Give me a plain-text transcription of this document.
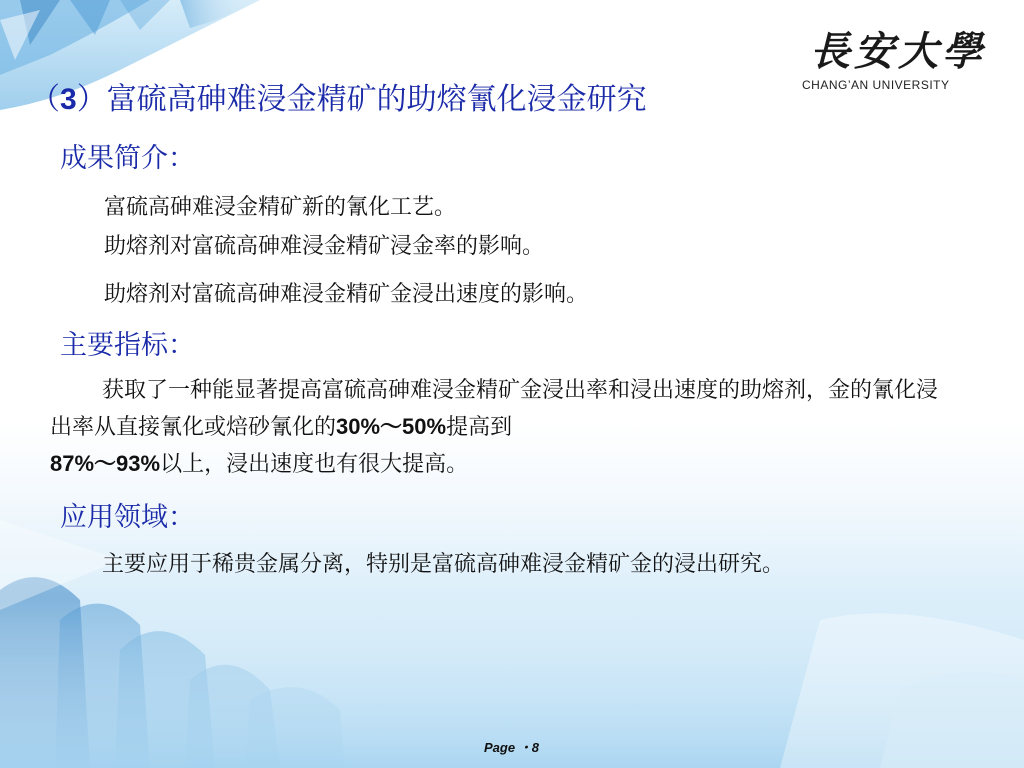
長安大學
CHANG’AN UNIVERSITY
（3）富硫高砷难浸金精矿的助熔氰化浸金研究
成果简介：
富硫高砷难浸金精矿新的氰化工艺。
助熔剂对富硫高砷难浸金精矿浸金率的影响。
助熔剂对富硫高砷难浸金精矿金浸出速度的影响。
主要指标：
获取了一种能显著提高富硫高砷难浸金精矿金浸出率和浸出速度的助熔剂，金的氰化浸出率从直接氰化或焙砂氰化的30%～50%提高到
87%～93%以上，浸出速度也有很大提高。
应用领域：
主要应用于稀贵金属分离，特别是富硫高砷难浸金精矿金的浸出研究。
Page ・8
